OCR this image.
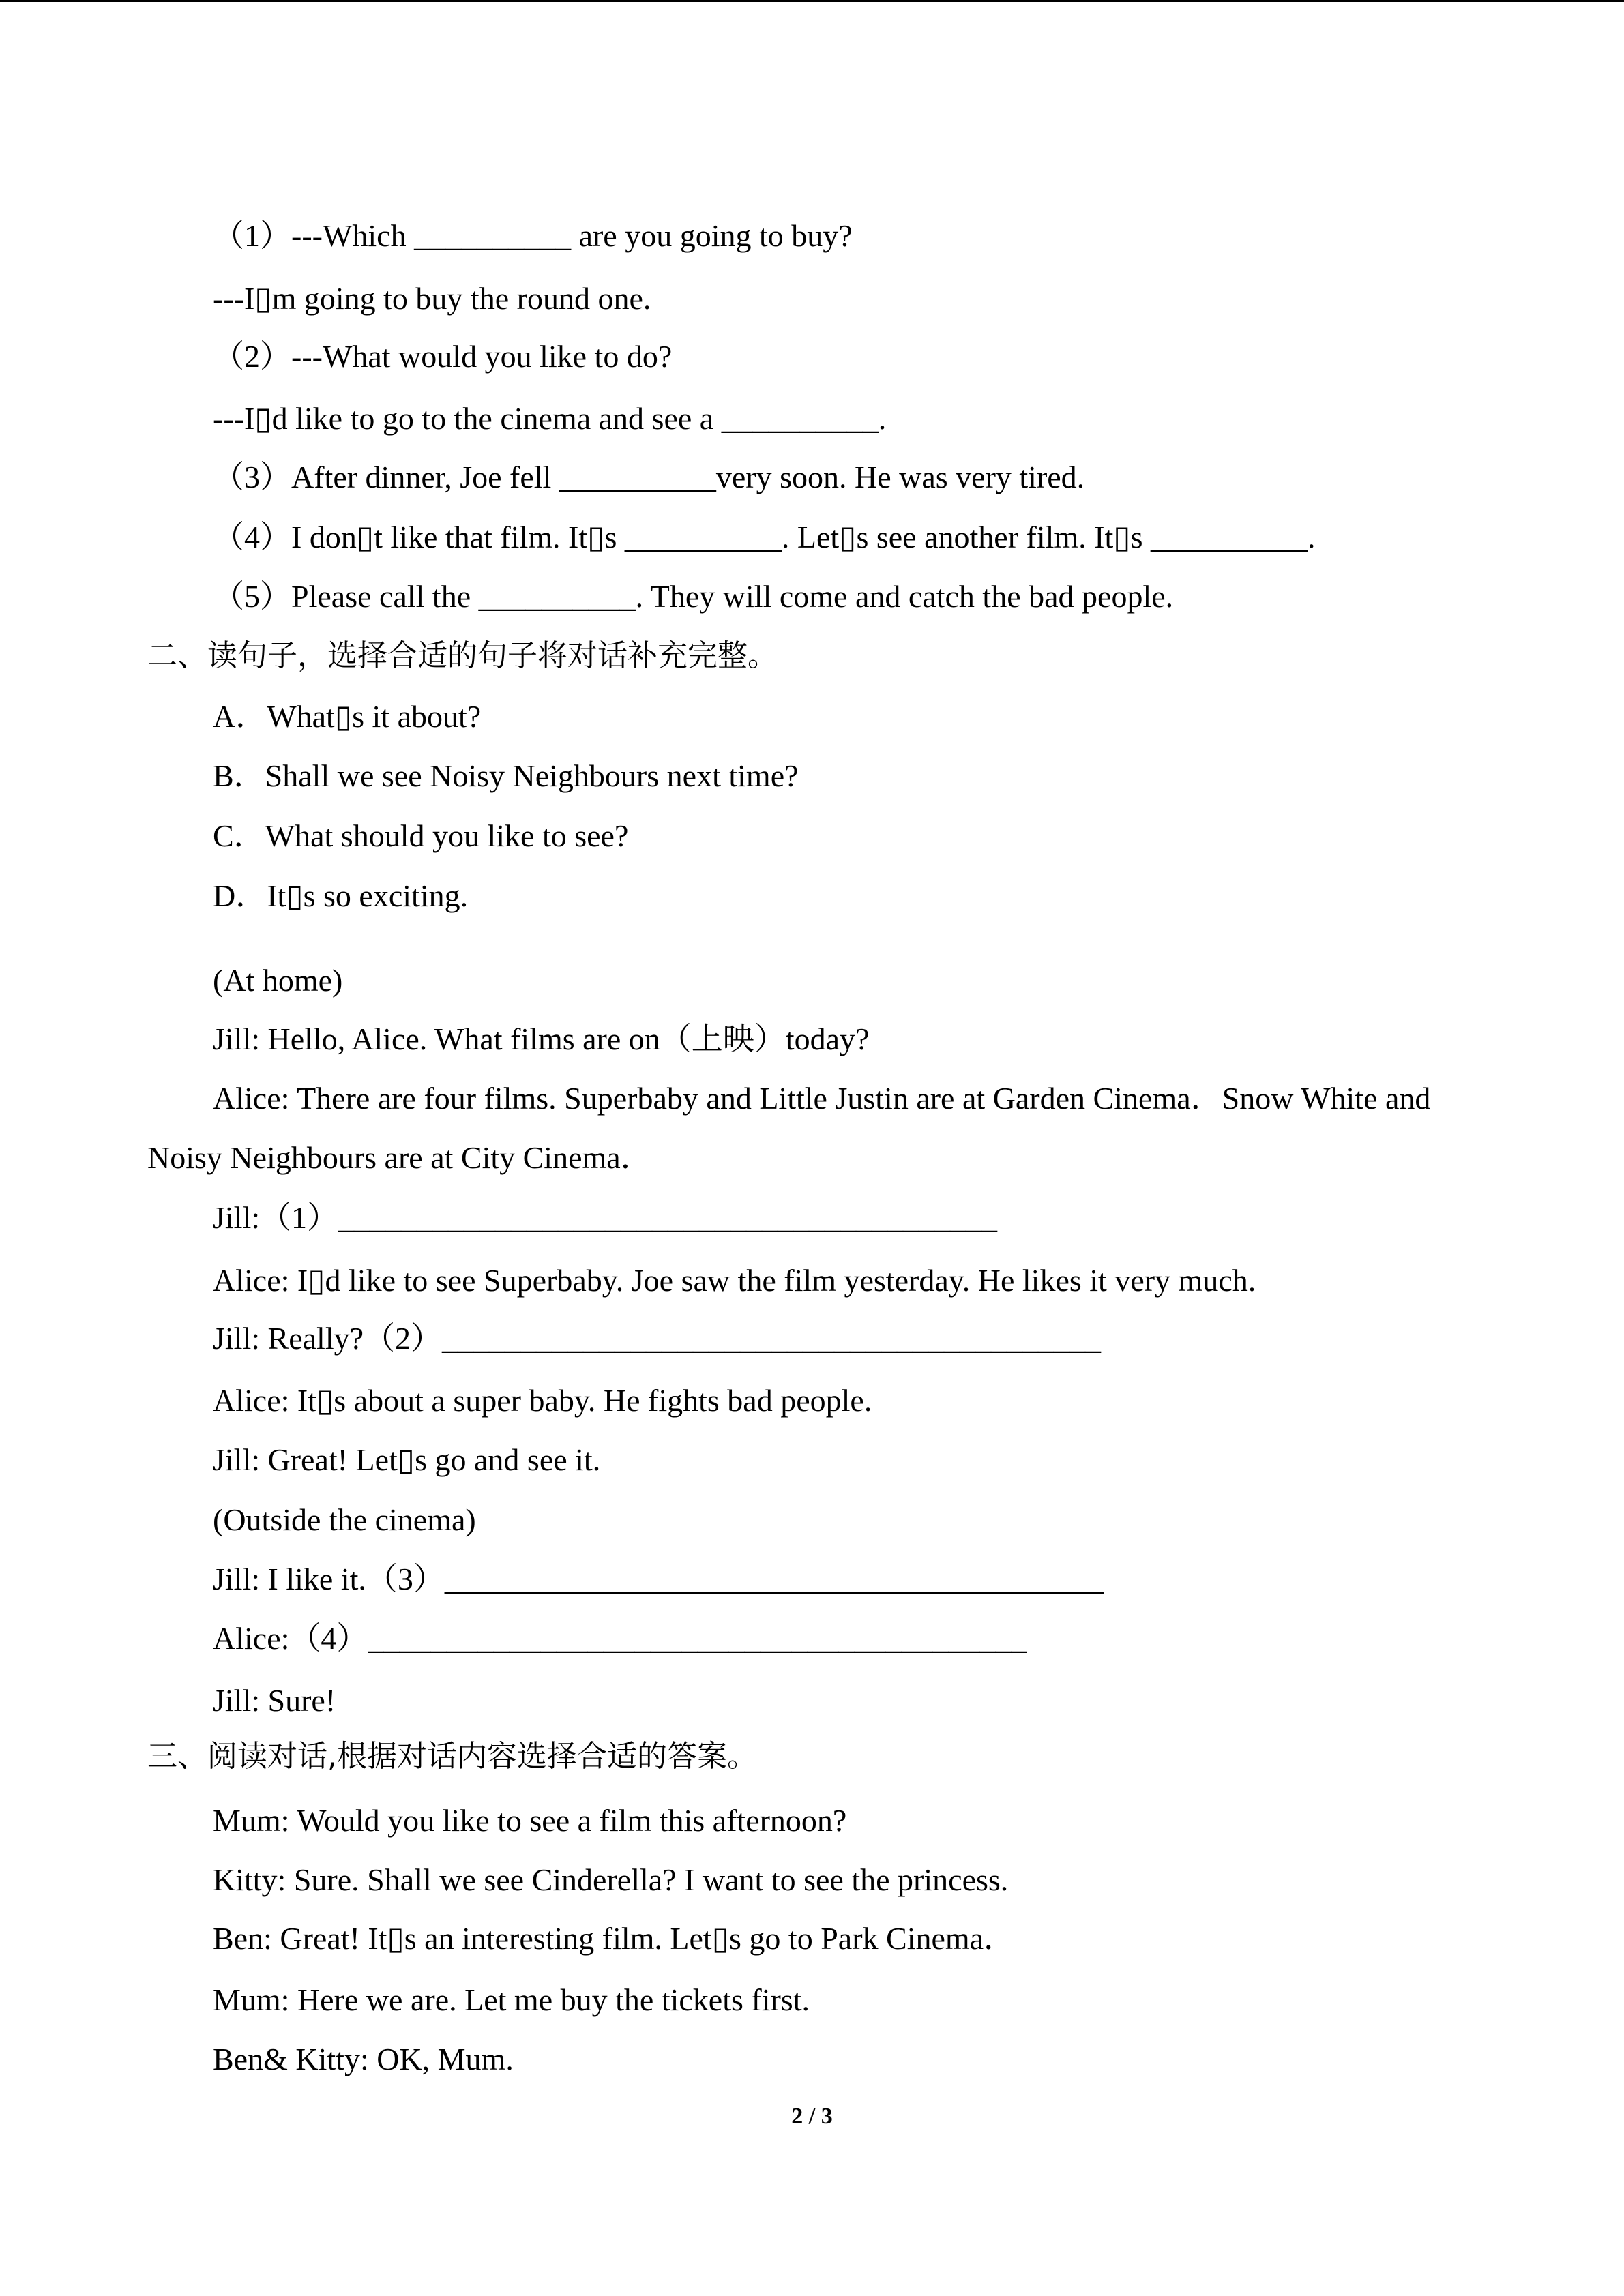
（1）---Which __________ are you going to buy?
---I▯m going to buy the round one.
（2）---What would you like to do?
---I▯d like to go to the cinema and see a __________.
（3）After dinner, Joe fell __________very soon. He was very tired.
（4）I don▯t like that film. It▯s __________. Let▯s see another film. It▯s __________.
（5）Please call the __________. They will come and catch the bad people.
二、读句子，选择合适的句子将对话补充完整。
A．What▯s it about?
B．Shall we see Noisy Neighbours next time?
C．What should you like to see?
D．It▯s so exciting.
(At home)
Jill: Hello, Alice. What films are on（上映）today?
Alice: There are four films. Superbaby and Little Justin are at Garden Cinema．Snow White and
Noisy Neighbours are at City Cinema．
Jill:（1）__________________________________________
Alice: I▯d like to see Superbaby. Joe saw the film yesterday. He likes it very much.
Jill: Really?（2）__________________________________________
Alice: It▯s about a super baby. He fights bad people.
Jill: Great! Let▯s go and see it.
(Outside the cinema)
Jill: I like it.（3）__________________________________________
Alice:（4）__________________________________________
Jill: Sure!
三、阅读对话,根据对话内容选择合适的答案。
Mum: Would you like to see a film this afternoon?
Kitty: Sure. Shall we see Cinderella? I want to see the princess.
Ben: Great! It▯s an interesting film. Let▯s go to Park Cinema．
Mum: Here we are. Let me buy the tickets first.
Ben& Kitty: OK, Mum.
2 / 3
